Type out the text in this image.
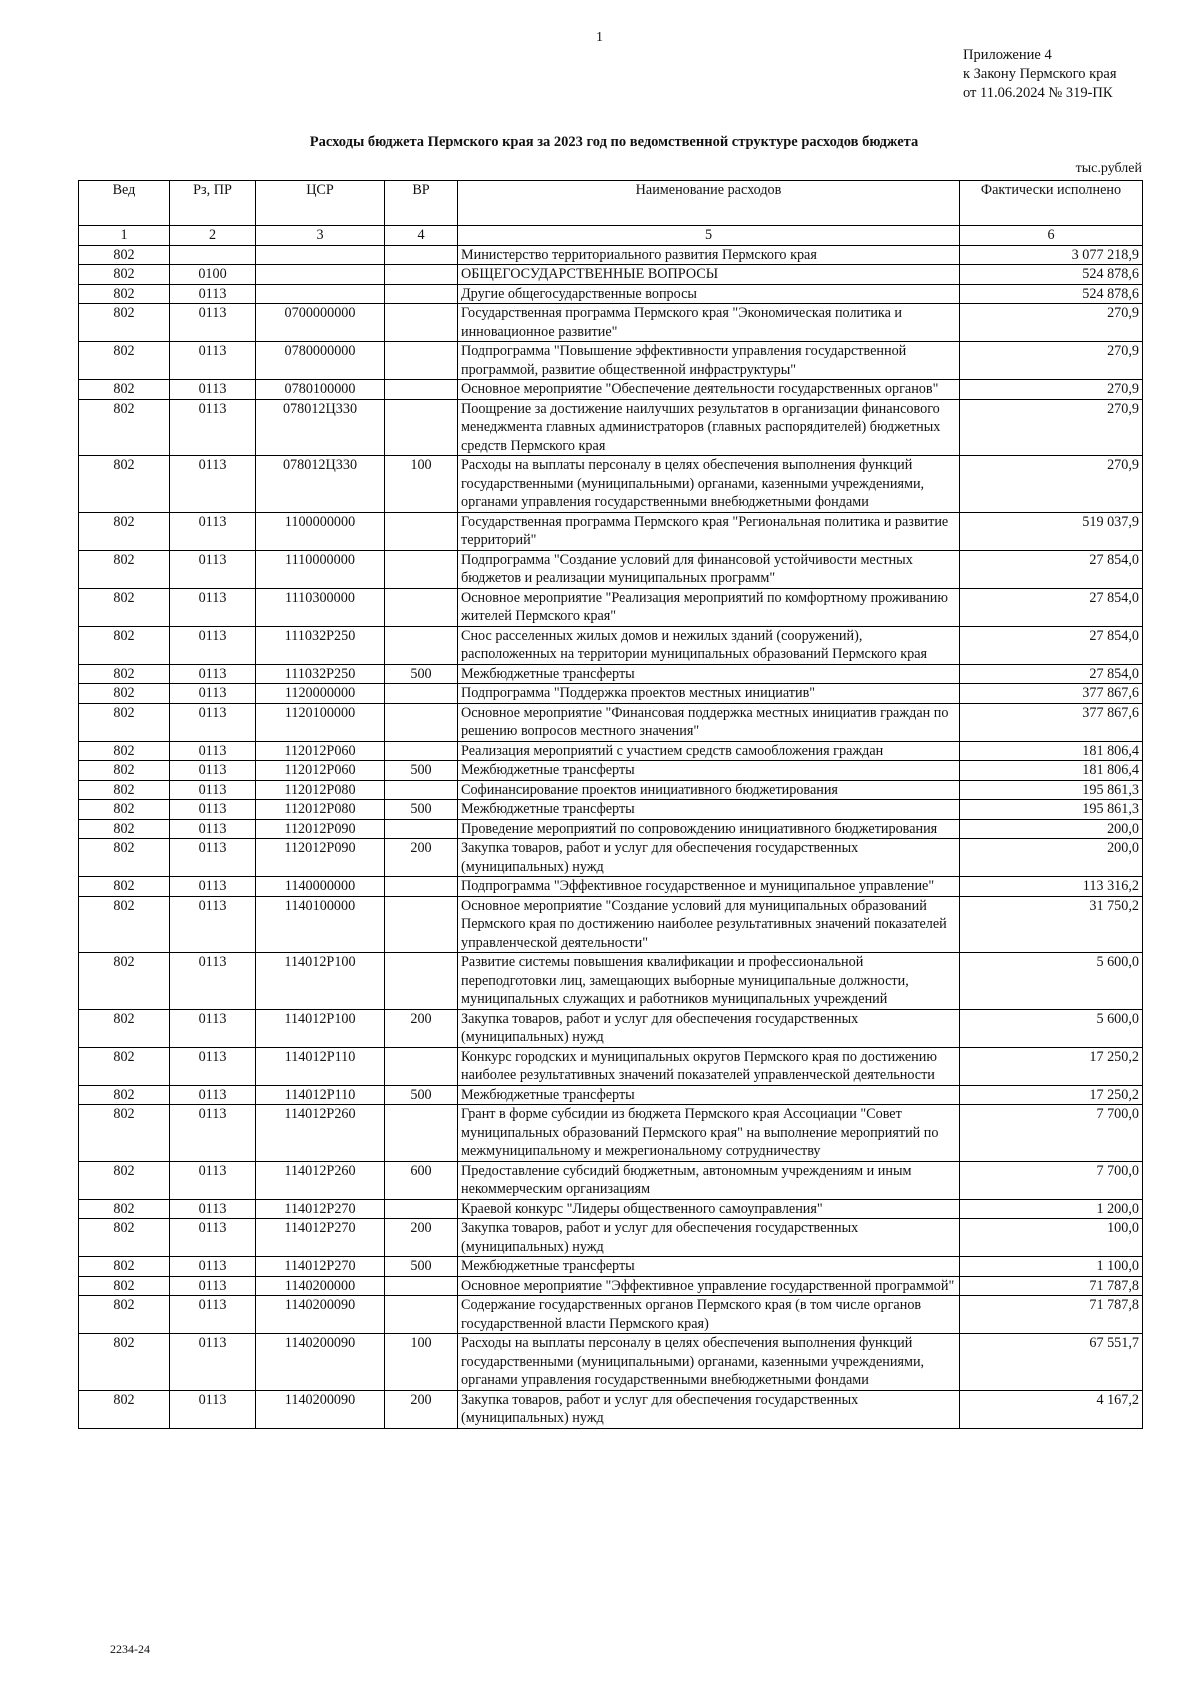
1
Приложение 4
к Закону Пермского края
от 11.06.2024 № 319-ПК
Расходы бюджета Пермского края за 2023 год по ведомственной структуре расходов бюджета
тыс.рублей
Вед	Рз, ПР	ЦСР	ВР	Наименование расходов	Фактически исполнено
1	2	3	4	5	6
802				Министерство территориального развития Пермского края	3 077 218,9
802	0100			ОБЩЕГОСУДАРСТВЕННЫЕ ВОПРОСЫ	524 878,6
802	0113			Другие общегосударственные вопросы	524 878,6
802	0113	0700000000		Государственная программа Пермского края "Экономическая политика и инновационное развитие"	270,9
802	0113	0780000000		Подпрограмма "Повышение эффективности управления государственной программой, развитие общественной инфраструктуры"	270,9
802	0113	0780100000		Основное мероприятие "Обеспечение деятельности государственных органов"	270,9
802	0113	078012Ц330		Поощрение за достижение наилучших результатов в организации финансового менеджмента главных администраторов (главных распорядителей) бюджетных средств Пермского края	270,9
802	0113	078012Ц330	100	Расходы на выплаты персоналу в целях обеспечения выполнения функций государственными (муниципальными) органами, казенными учреждениями, органами управления государственными внебюджетными фондами	270,9
802	0113	1100000000		Государственная программа Пермского края "Региональная политика и развитие территорий"	519 037,9
802	0113	1110000000		Подпрограмма "Создание условий для финансовой устойчивости местных бюджетов и реализации муниципальных программ"	27 854,0
802	0113	1110300000		Основное мероприятие "Реализация мероприятий по комфортному проживанию жителей Пермского края"	27 854,0
802	0113	111032P250		Снос расселенных жилых домов и нежилых зданий (сооружений), расположенных на территории муниципальных образований Пермского края	27 854,0
802	0113	111032P250	500	Межбюджетные трансферты	27 854,0
802	0113	1120000000		Подпрограмма "Поддержка проектов местных инициатив"	377 867,6
802	0113	1120100000		Основное мероприятие "Финансовая поддержка местных инициатив граждан по решению вопросов местного значения"	377 867,6
802	0113	112012P060		Реализация мероприятий с участием средств самообложения граждан	181 806,4
802	0113	112012P060	500	Межбюджетные трансферты	181 806,4
802	0113	112012P080		Софинансирование проектов инициативного бюджетирования	195 861,3
802	0113	112012P080	500	Межбюджетные трансферты	195 861,3
802	0113	112012P090		Проведение мероприятий по сопровождению инициативного бюджетирования	200,0
802	0113	112012P090	200	Закупка товаров, работ и услуг для обеспечения государственных (муниципальных) нужд	200,0
802	0113	1140000000		Подпрограмма "Эффективное государственное и муниципальное управление"	113 316,2
802	0113	1140100000		Основное мероприятие "Создание условий для муниципальных образований Пермского края по достижению наиболее результативных значений показателей управленческой деятельности"	31 750,2
802	0113	114012P100		Развитие системы повышения квалификации и профессиональной переподготовки лиц, замещающих выборные муниципальные должности, муниципальных служащих и работников муниципальных учреждений	5 600,0
802	0113	114012P100	200	Закупка товаров, работ и услуг для обеспечения государственных (муниципальных) нужд	5 600,0
802	0113	114012P110		Конкурс городских и муниципальных округов Пермского края по достижению наиболее результативных значений показателей управленческой деятельности	17 250,2
802	0113	114012P110	500	Межбюджетные трансферты	17 250,2
802	0113	114012P260		Грант в форме субсидии из бюджета Пермского края Ассоциации "Совет муниципальных образований Пермского края" на выполнение мероприятий по межмуниципальному и межрегиональному сотрудничеству	7 700,0
802	0113	114012P260	600	Предоставление субсидий бюджетным, автономным учреждениям и иным некоммерческим организациям	7 700,0
802	0113	114012P270		Краевой конкурс "Лидеры общественного самоуправления"	1 200,0
802	0113	114012P270	200	Закупка товаров, работ и услуг для обеспечения государственных (муниципальных) нужд	100,0
802	0113	114012P270	500	Межбюджетные трансферты	1 100,0
802	0113	1140200000		Основное мероприятие "Эффективное управление государственной программой"	71 787,8
802	0113	1140200090		Содержание государственных органов Пермского края (в том числе органов государственной власти Пермского края)	71 787,8
802	0113	1140200090	100	Расходы на выплаты персоналу в целях обеспечения выполнения функций государственными (муниципальными) органами, казенными учреждениями, органами управления государственными внебюджетными фондами	67 551,7
802	0113	1140200090	200	Закупка товаров, работ и услуг для обеспечения государственных (муниципальных) нужд	4 167,2
2234-24
